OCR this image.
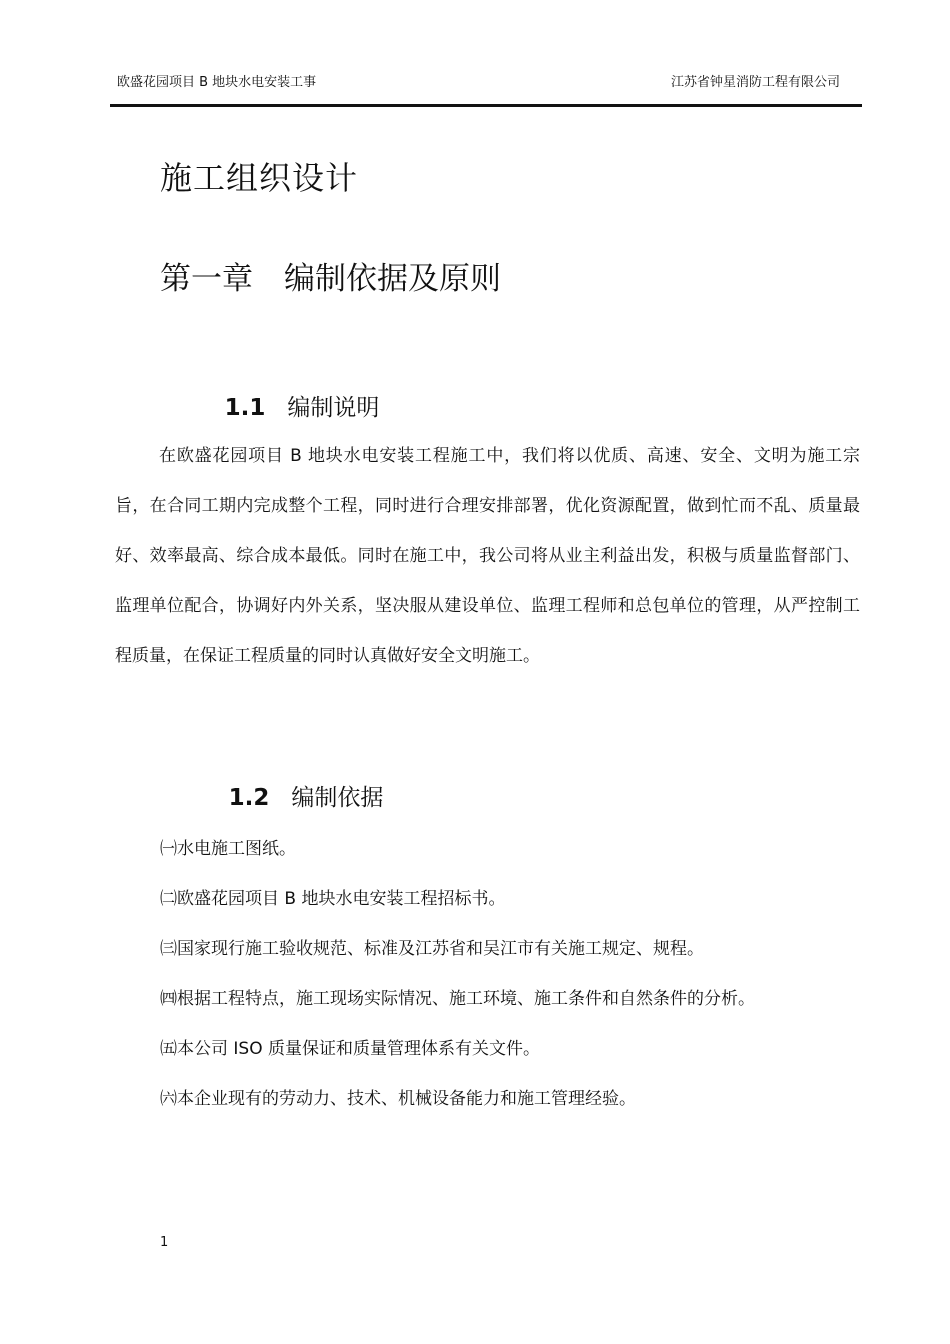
欧盛花园项目 B 地块水电安装工事	江苏省钟星消防工程有限公司
施工组织设计
第一章　编制依据及原则

1.1 编制说明

在欧盛花园项目 B 地块水电安装工程施工中，我们将以优质、高速、安全、文明为施工宗旨，在合同工期内完成整个工程，同时进行合理安排部署，优化资源配置，做到忙而不乱、质量最好、效率最高、综合成本最低。同时在施工中，我公司将从业主利益出发，积极与质量监督部门、监理单位配合，协调好内外关系，坚决服从建设单位、监理工程师和总包单位的管理，从严控制工程质量，在保证工程质量的同时认真做好安全文明施工。

1.2 编制依据

㈠水电施工图纸。
㈡欧盛花园项目 B 地块水电安装工程招标书。
㈢国家现行施工验收规范、标准及江苏省和吴江市有关施工规定、规程。
㈣根据工程特点，施工现场实际情况、施工环境、施工条件和自然条件的分析。
㈤本公司 ISO 质量保证和质量管理体系有关文件。
㈥本企业现有的劳动力、技术、机械设备能力和施工管理经验。
1
